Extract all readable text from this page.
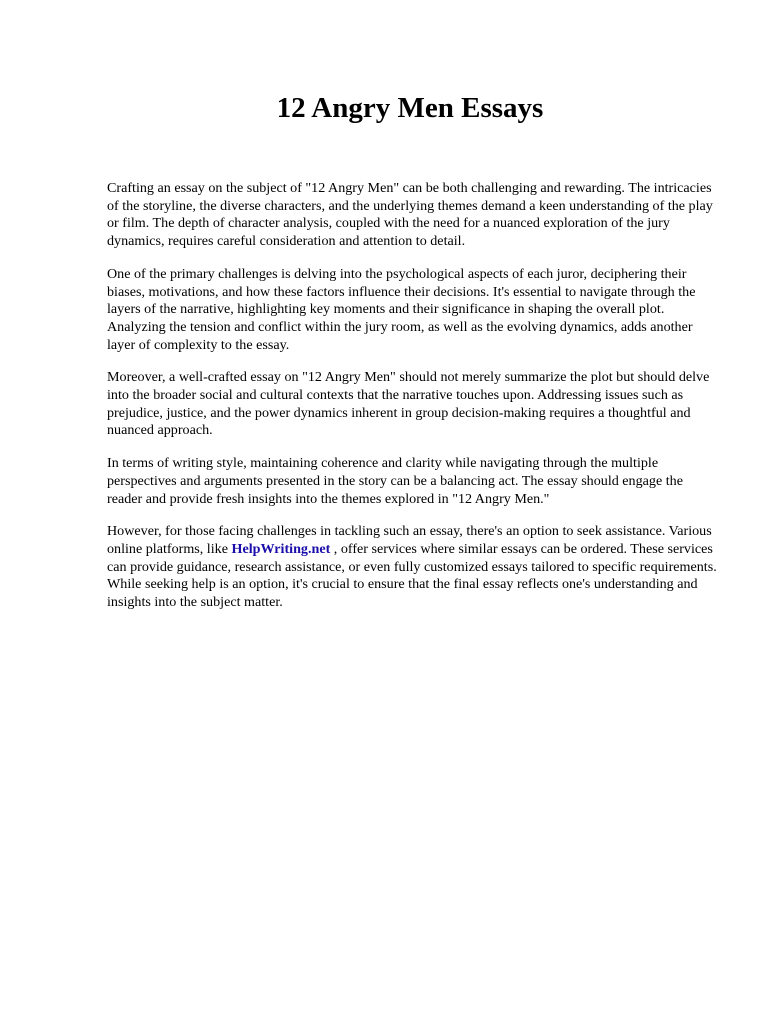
12 Angry Men Essays

Crafting an essay on the subject of "12 Angry Men" can be both challenging and rewarding. The intricacies of the storyline, the diverse characters, and the underlying themes demand a keen understanding of the play or film. The depth of character analysis, coupled with the need for a nuanced exploration of the jury dynamics, requires careful consideration and attention to detail.

One of the primary challenges is delving into the psychological aspects of each juror, deciphering their biases, motivations, and how these factors influence their decisions. It's essential to navigate through the layers of the narrative, highlighting key moments and their significance in shaping the overall plot. Analyzing the tension and conflict within the jury room, as well as the evolving dynamics, adds another layer of complexity to the essay.

Moreover, a well-crafted essay on "12 Angry Men" should not merely summarize the plot but should delve into the broader social and cultural contexts that the narrative touches upon. Addressing issues such as prejudice, justice, and the power dynamics inherent in group decision-making requires a thoughtful and nuanced approach.

In terms of writing style, maintaining coherence and clarity while navigating through the multiple perspectives and arguments presented in the story can be a balancing act. The essay should engage the reader and provide fresh insights into the themes explored in "12 Angry Men."

However, for those facing challenges in tackling such an essay, there's an option to seek assistance. Various online platforms, like HelpWriting.net , offer services where similar essays can be ordered. These services can provide guidance, research assistance, or even fully customized essays tailored to specific requirements. While seeking help is an option, it's crucial to ensure that the final essay reflects one's understanding and insights into the subject matter.
